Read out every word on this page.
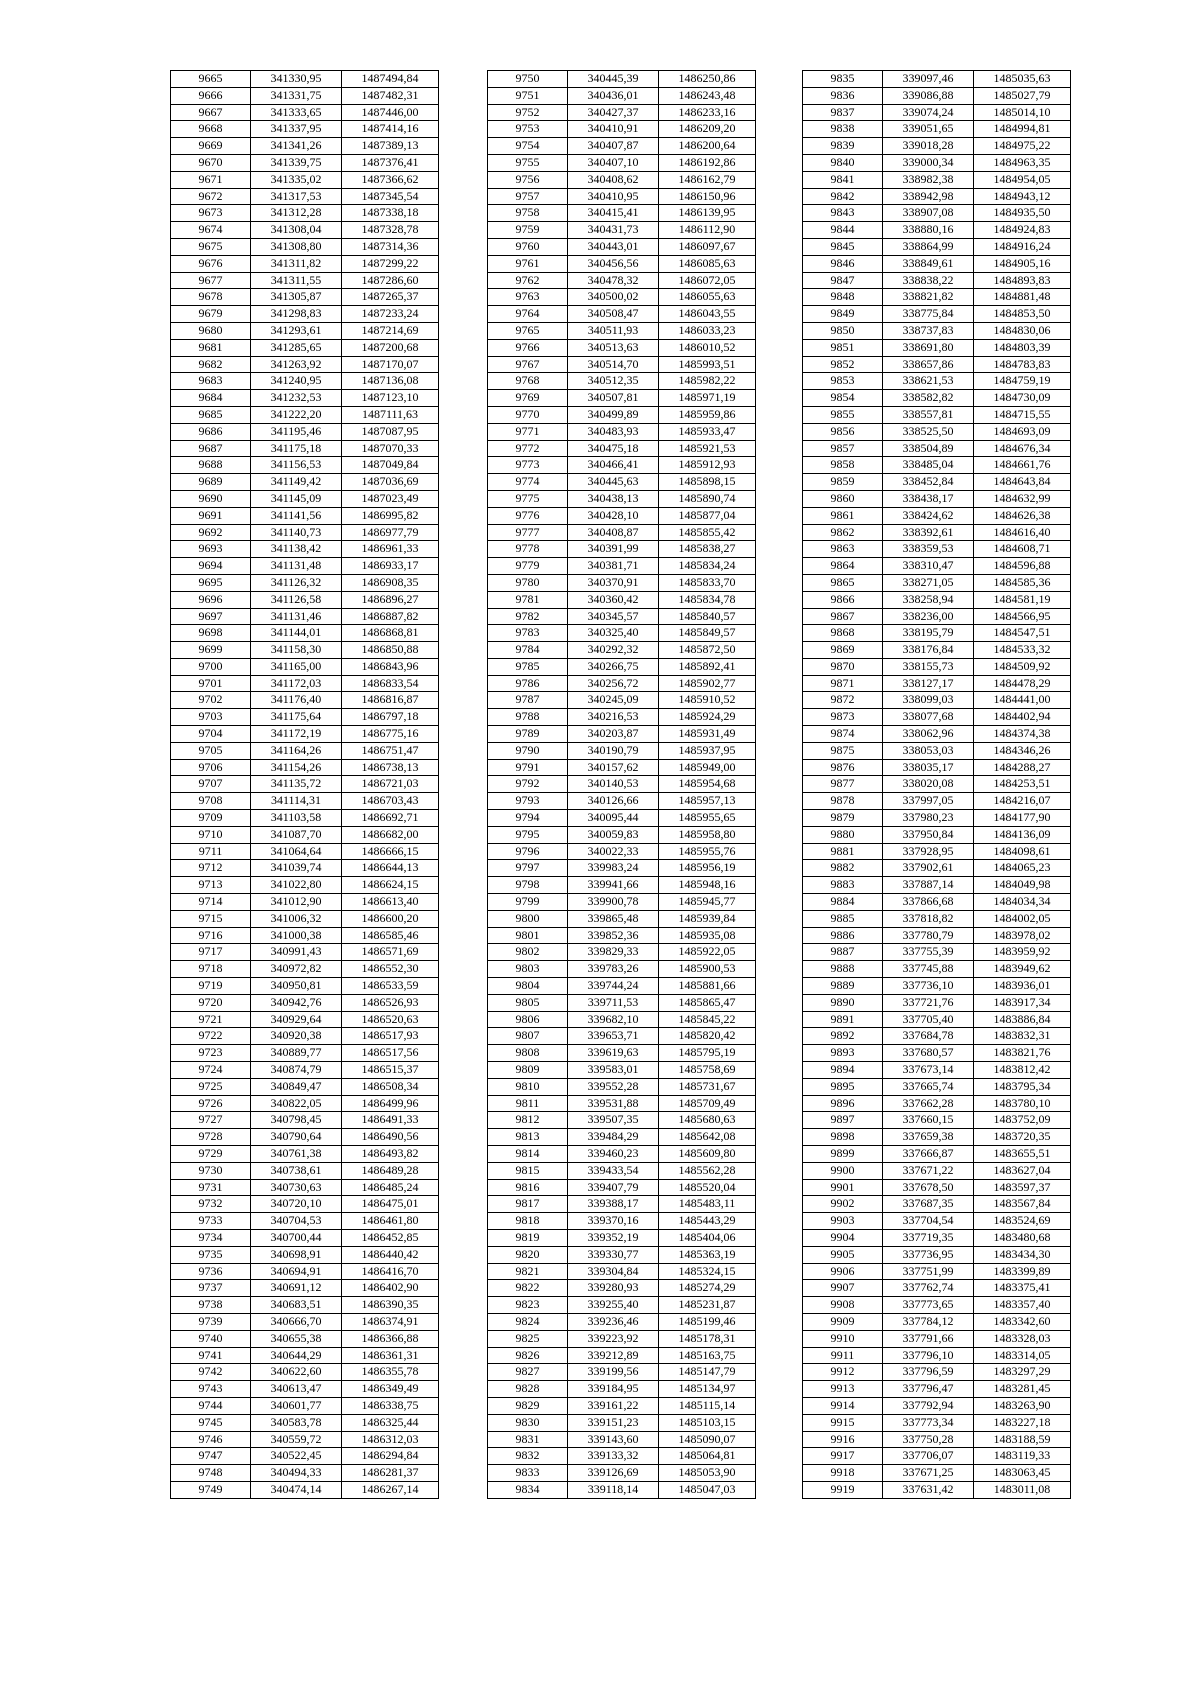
9665	341330,95	1487494,84
9666	341331,75	1487482,31
9667	341333,65	1487446,00
9668	341337,95	1487414,16
9669	341341,26	1487389,13
9670	341339,75	1487376,41
9671	341335,02	1487366,62
9672	341317,53	1487345,54
9673	341312,28	1487338,18
9674	341308,04	1487328,78
9675	341308,80	1487314,36
9676	341311,82	1487299,22
9677	341311,55	1487286,60
9678	341305,87	1487265,37
9679	341298,83	1487233,24
9680	341293,61	1487214,69
9681	341285,65	1487200,68
9682	341263,92	1487170,07
9683	341240,95	1487136,08
9684	341232,53	1487123,10
9685	341222,20	1487111,63
9686	341195,46	1487087,95
9687	341175,18	1487070,33
9688	341156,53	1487049,84
9689	341149,42	1487036,69
9690	341145,09	1487023,49
9691	341141,56	1486995,82
9692	341140,73	1486977,79
9693	341138,42	1486961,33
9694	341131,48	1486933,17
9695	341126,32	1486908,35
9696	341126,58	1486896,27
9697	341131,46	1486887,82
9698	341144,01	1486868,81
9699	341158,30	1486850,88
9700	341165,00	1486843,96
9701	341172,03	1486833,54
9702	341176,40	1486816,87
9703	341175,64	1486797,18
9704	341172,19	1486775,16
9705	341164,26	1486751,47
9706	341154,26	1486738,13
9707	341135,72	1486721,03
9708	341114,31	1486703,43
9709	341103,58	1486692,71
9710	341087,70	1486682,00
9711	341064,64	1486666,15
9712	341039,74	1486644,13
9713	341022,80	1486624,15
9714	341012,90	1486613,40
9715	341006,32	1486600,20
9716	341000,38	1486585,46
9717	340991,43	1486571,69
9718	340972,82	1486552,30
9719	340950,81	1486533,59
9720	340942,76	1486526,93
9721	340929,64	1486520,63
9722	340920,38	1486517,93
9723	340889,77	1486517,56
9724	340874,79	1486515,37
9725	340849,47	1486508,34
9726	340822,05	1486499,96
9727	340798,45	1486491,33
9728	340790,64	1486490,56
9729	340761,38	1486493,82
9730	340738,61	1486489,28
9731	340730,63	1486485,24
9732	340720,10	1486475,01
9733	340704,53	1486461,80
9734	340700,44	1486452,85
9735	340698,91	1486440,42
9736	340694,91	1486416,70
9737	340691,12	1486402,90
9738	340683,51	1486390,35
9739	340666,70	1486374,91
9740	340655,38	1486366,88
9741	340644,29	1486361,31
9742	340622,60	1486355,78
9743	340613,47	1486349,49
9744	340601,77	1486338,75
9745	340583,78	1486325,44
9746	340559,72	1486312,03
9747	340522,45	1486294,84
9748	340494,33	1486281,37
9749	340474,14	1486267,14
9750	340445,39	1486250,86
9751	340436,01	1486243,48
9752	340427,37	1486233,16
9753	340410,91	1486209,20
9754	340407,87	1486200,64
9755	340407,10	1486192,86
9756	340408,62	1486162,79
9757	340410,95	1486150,96
9758	340415,41	1486139,95
9759	340431,73	1486112,90
9760	340443,01	1486097,67
9761	340456,56	1486085,63
9762	340478,32	1486072,05
9763	340500,02	1486055,63
9764	340508,47	1486043,55
9765	340511,93	1486033,23
9766	340513,63	1486010,52
9767	340514,70	1485993,51
9768	340512,35	1485982,22
9769	340507,81	1485971,19
9770	340499,89	1485959,86
9771	340483,93	1485933,47
9772	340475,18	1485921,53
9773	340466,41	1485912,93
9774	340445,63	1485898,15
9775	340438,13	1485890,74
9776	340428,10	1485877,04
9777	340408,87	1485855,42
9778	340391,99	1485838,27
9779	340381,71	1485834,24
9780	340370,91	1485833,70
9781	340360,42	1485834,78
9782	340345,57	1485840,57
9783	340325,40	1485849,57
9784	340292,32	1485872,50
9785	340266,75	1485892,41
9786	340256,72	1485902,77
9787	340245,09	1485910,52
9788	340216,53	1485924,29
9789	340203,87	1485931,49
9790	340190,79	1485937,95
9791	340157,62	1485949,00
9792	340140,53	1485954,68
9793	340126,66	1485957,13
9794	340095,44	1485955,65
9795	340059,83	1485958,80
9796	340022,33	1485955,76
9797	339983,24	1485956,19
9798	339941,66	1485948,16
9799	339900,78	1485945,77
9800	339865,48	1485939,84
9801	339852,36	1485935,08
9802	339829,33	1485922,05
9803	339783,26	1485900,53
9804	339744,24	1485881,66
9805	339711,53	1485865,47
9806	339682,10	1485845,22
9807	339653,71	1485820,42
9808	339619,63	1485795,19
9809	339583,01	1485758,69
9810	339552,28	1485731,67
9811	339531,88	1485709,49
9812	339507,35	1485680,63
9813	339484,29	1485642,08
9814	339460,23	1485609,80
9815	339433,54	1485562,28
9816	339407,79	1485520,04
9817	339388,17	1485483,11
9818	339370,16	1485443,29
9819	339352,19	1485404,06
9820	339330,77	1485363,19
9821	339304,84	1485324,15
9822	339280,93	1485274,29
9823	339255,40	1485231,87
9824	339236,46	1485199,46
9825	339223,92	1485178,31
9826	339212,89	1485163,75
9827	339199,56	1485147,79
9828	339184,95	1485134,97
9829	339161,22	1485115,14
9830	339151,23	1485103,15
9831	339143,60	1485090,07
9832	339133,32	1485064,81
9833	339126,69	1485053,90
9834	339118,14	1485047,03
9835	339097,46	1485035,63
9836	339086,88	1485027,79
9837	339074,24	1485014,10
9838	339051,65	1484994,81
9839	339018,28	1484975,22
9840	339000,34	1484963,35
9841	338982,38	1484954,05
9842	338942,98	1484943,12
9843	338907,08	1484935,50
9844	338880,16	1484924,83
9845	338864,99	1484916,24
9846	338849,61	1484905,16
9847	338838,22	1484893,83
9848	338821,82	1484881,48
9849	338775,84	1484853,50
9850	338737,83	1484830,06
9851	338691,80	1484803,39
9852	338657,86	1484783,83
9853	338621,53	1484759,19
9854	338582,82	1484730,09
9855	338557,81	1484715,55
9856	338525,50	1484693,09
9857	338504,89	1484676,34
9858	338485,04	1484661,76
9859	338452,84	1484643,84
9860	338438,17	1484632,99
9861	338424,62	1484626,38
9862	338392,61	1484616,40
9863	338359,53	1484608,71
9864	338310,47	1484596,88
9865	338271,05	1484585,36
9866	338258,94	1484581,19
9867	338236,00	1484566,95
9868	338195,79	1484547,51
9869	338176,84	1484533,32
9870	338155,73	1484509,92
9871	338127,17	1484478,29
9872	338099,03	1484441,00
9873	338077,68	1484402,94
9874	338062,96	1484374,38
9875	338053,03	1484346,26
9876	338035,17	1484288,27
9877	338020,08	1484253,51
9878	337997,05	1484216,07
9879	337980,23	1484177,90
9880	337950,84	1484136,09
9881	337928,95	1484098,61
9882	337902,61	1484065,23
9883	337887,14	1484049,98
9884	337866,68	1484034,34
9885	337818,82	1484002,05
9886	337780,79	1483978,02
9887	337755,39	1483959,92
9888	337745,88	1483949,62
9889	337736,10	1483936,01
9890	337721,76	1483917,34
9891	337705,40	1483886,84
9892	337684,78	1483832,31
9893	337680,57	1483821,76
9894	337673,14	1483812,42
9895	337665,74	1483795,34
9896	337662,28	1483780,10
9897	337660,15	1483752,09
9898	337659,38	1483720,35
9899	337666,87	1483655,51
9900	337671,22	1483627,04
9901	337678,50	1483597,37
9902	337687,35	1483567,84
9903	337704,54	1483524,69
9904	337719,35	1483480,68
9905	337736,95	1483434,30
9906	337751,99	1483399,89
9907	337762,74	1483375,41
9908	337773,65	1483357,40
9909	337784,12	1483342,60
9910	337791,66	1483328,03
9911	337796,10	1483314,05
9912	337796,59	1483297,29
9913	337796,47	1483281,45
9914	337792,94	1483263,90
9915	337773,34	1483227,18
9916	337750,28	1483188,59
9917	337706,07	1483119,33
9918	337671,25	1483063,45
9919	337631,42	1483011,08
